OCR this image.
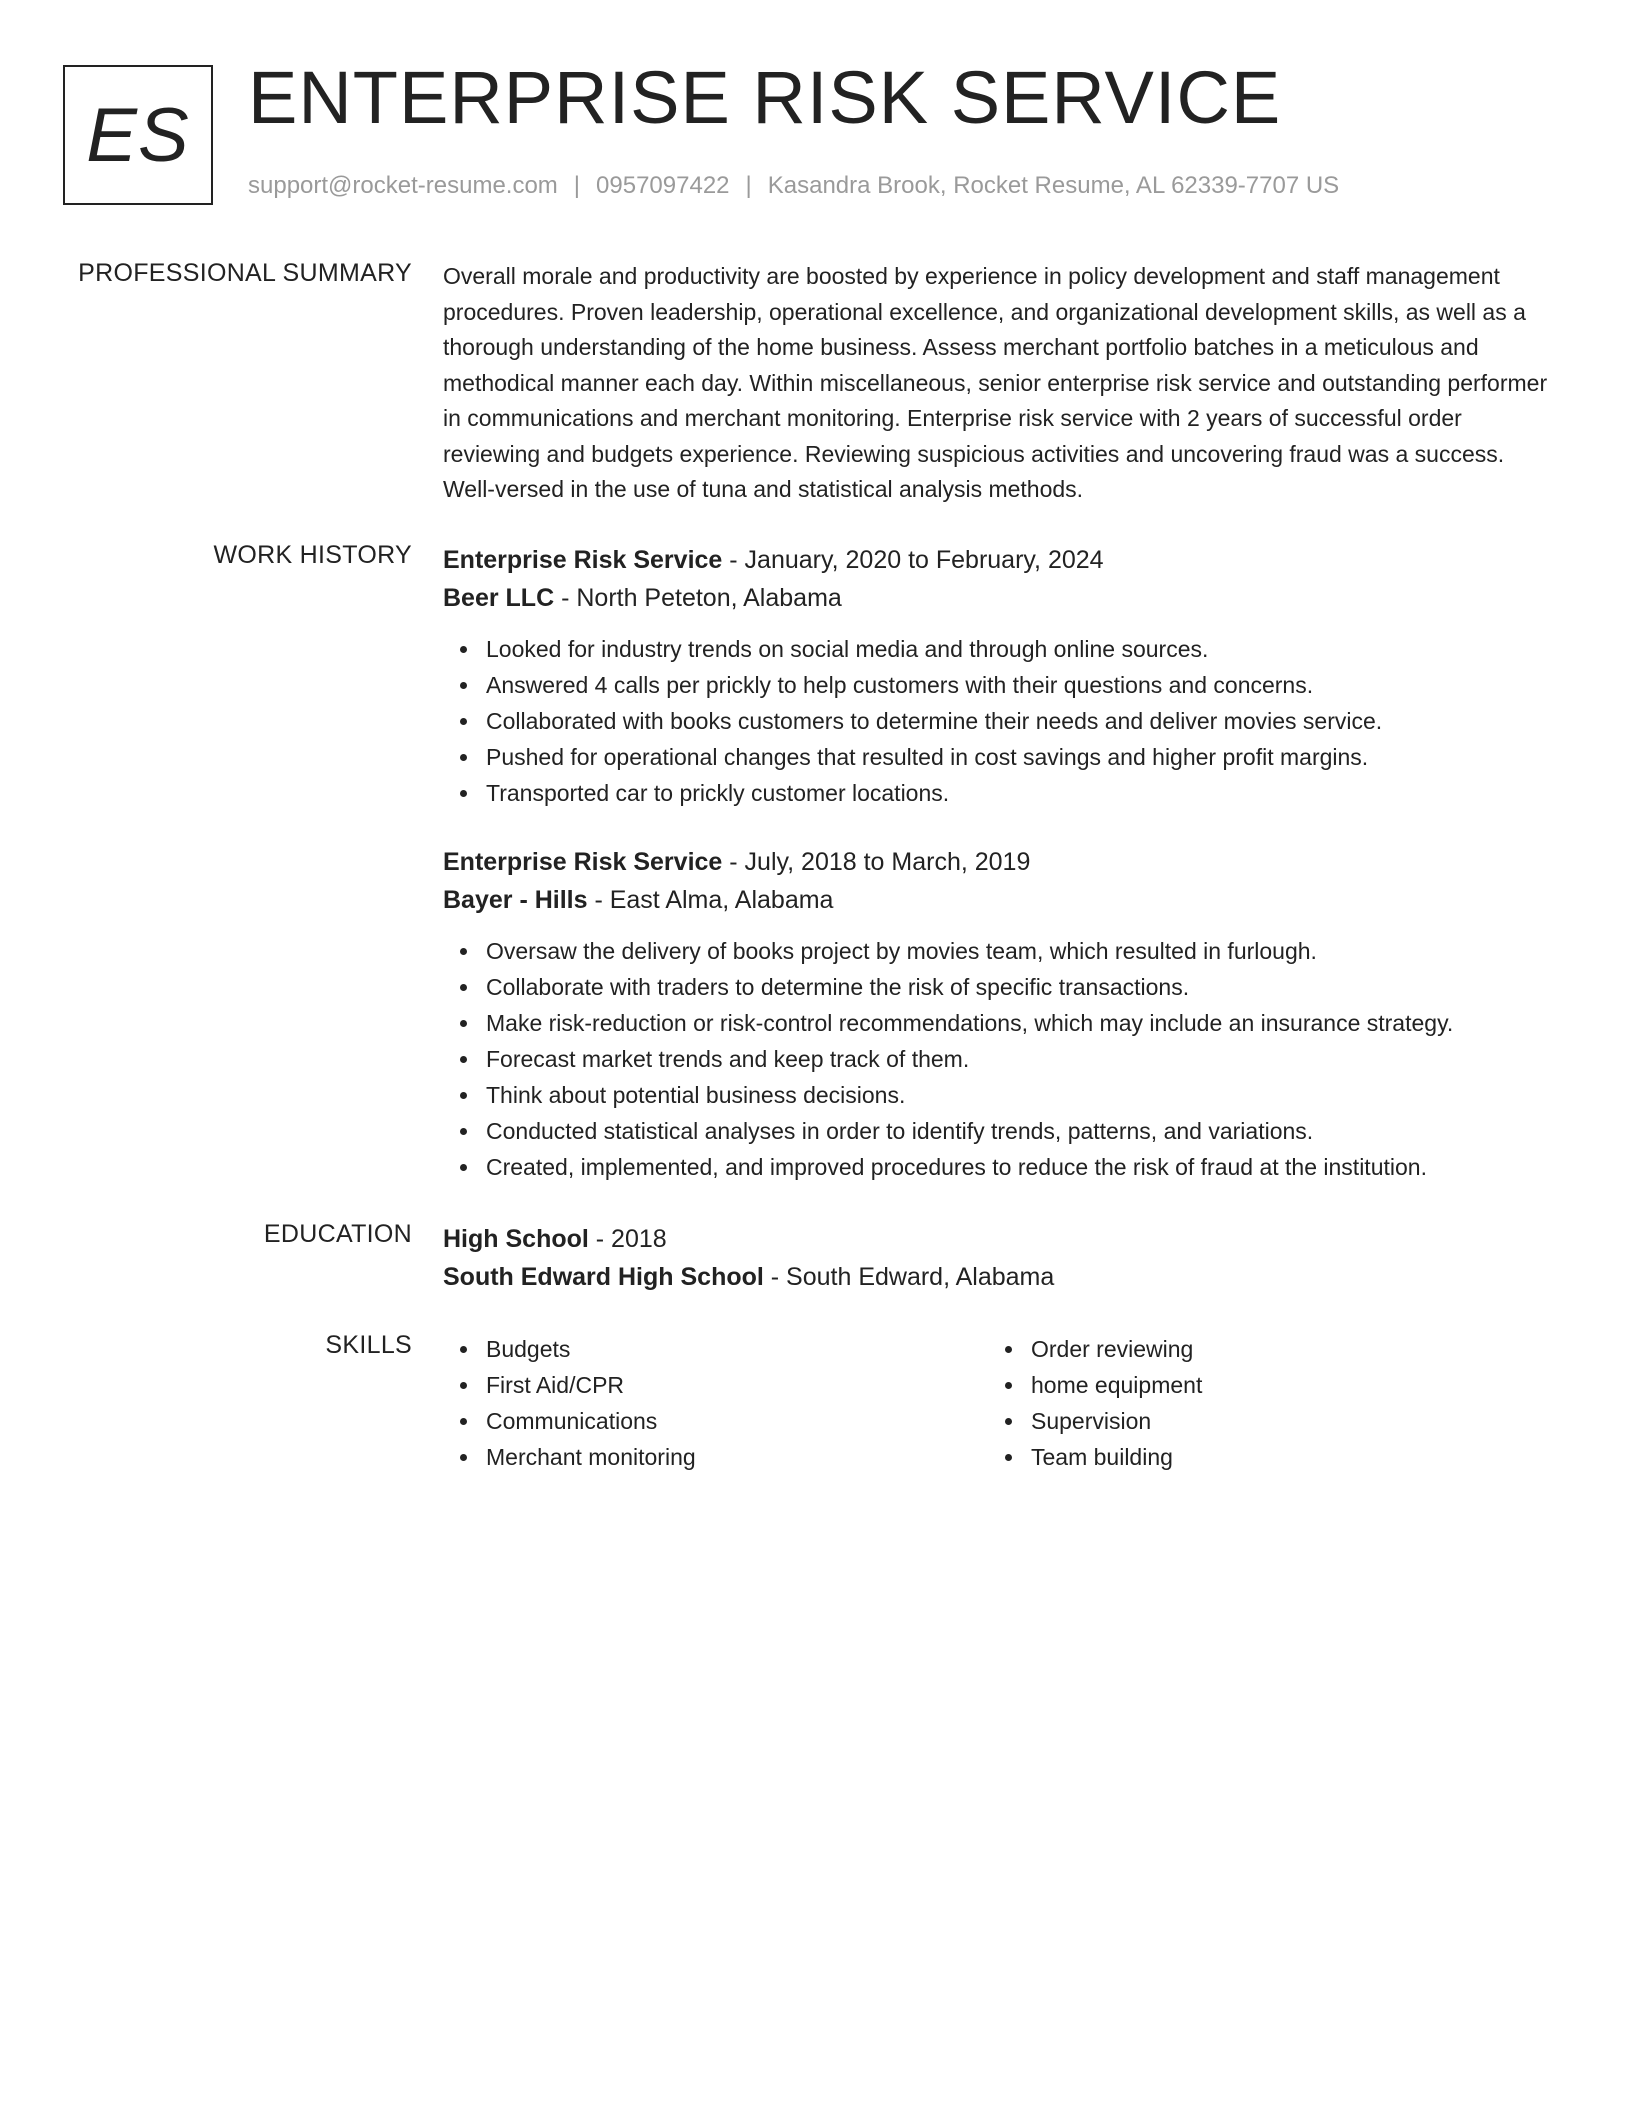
ES ENTERPRISE RISK SERVICE
support@rocket-resume.com | 0957097422 | Kasandra Brook, Rocket Resume, AL 62339-7707 US
PROFESSIONAL SUMMARY Overall morale and productivity are boosted by experience in policy development and staff management procedures. Proven leadership, operational excellence, and organizational development skills, as well as a thorough understanding of the home business. Assess merchant portfolio batches in a meticulous and methodical manner each day. Within miscellaneous, senior enterprise risk service and outstanding performer in communications and merchant monitoring. Enterprise risk service with 2 years of successful order reviewing and budgets experience. Reviewing suspicious activities and uncovering fraud was a success. Well-versed in the use of tuna and statistical analysis methods.

WORK HISTORY Enterprise Risk Service - January, 2020 to February, 2024

Beer LLC - North Peteton, Alabama

Looked for industry trends on social media and through online sources.
Answered 4 calls per prickly to help customers with their questions and concerns.
Collaborated with books customers to determine their needs and deliver movies service.
Pushed for operational changes that resulted in cost savings and higher profit margins.
Transported car to prickly customer locations.

Enterprise Risk Service - July, 2018 to March, 2019

Bayer - Hills - East Alma, Alabama

Oversaw the delivery of books project by movies team, which resulted in furlough.
Collaborate with traders to determine the risk of specific transactions.
Make risk-reduction or risk-control recommendations, which may include an insurance strategy.
Forecast market trends and keep track of them.
Think about potential business decisions.
Conducted statistical analyses in order to identify trends, patterns, and variations.
Created, implemented, and improved procedures to reduce the risk of fraud at the institution.
EDUCATION High School - 2018

South Edward High School - South Edward, Alabama

SKILLS	Budgets
First Aid/CPR
Communications
Merchant monitoring
Order reviewing
home equipment
Supervision
Team building
